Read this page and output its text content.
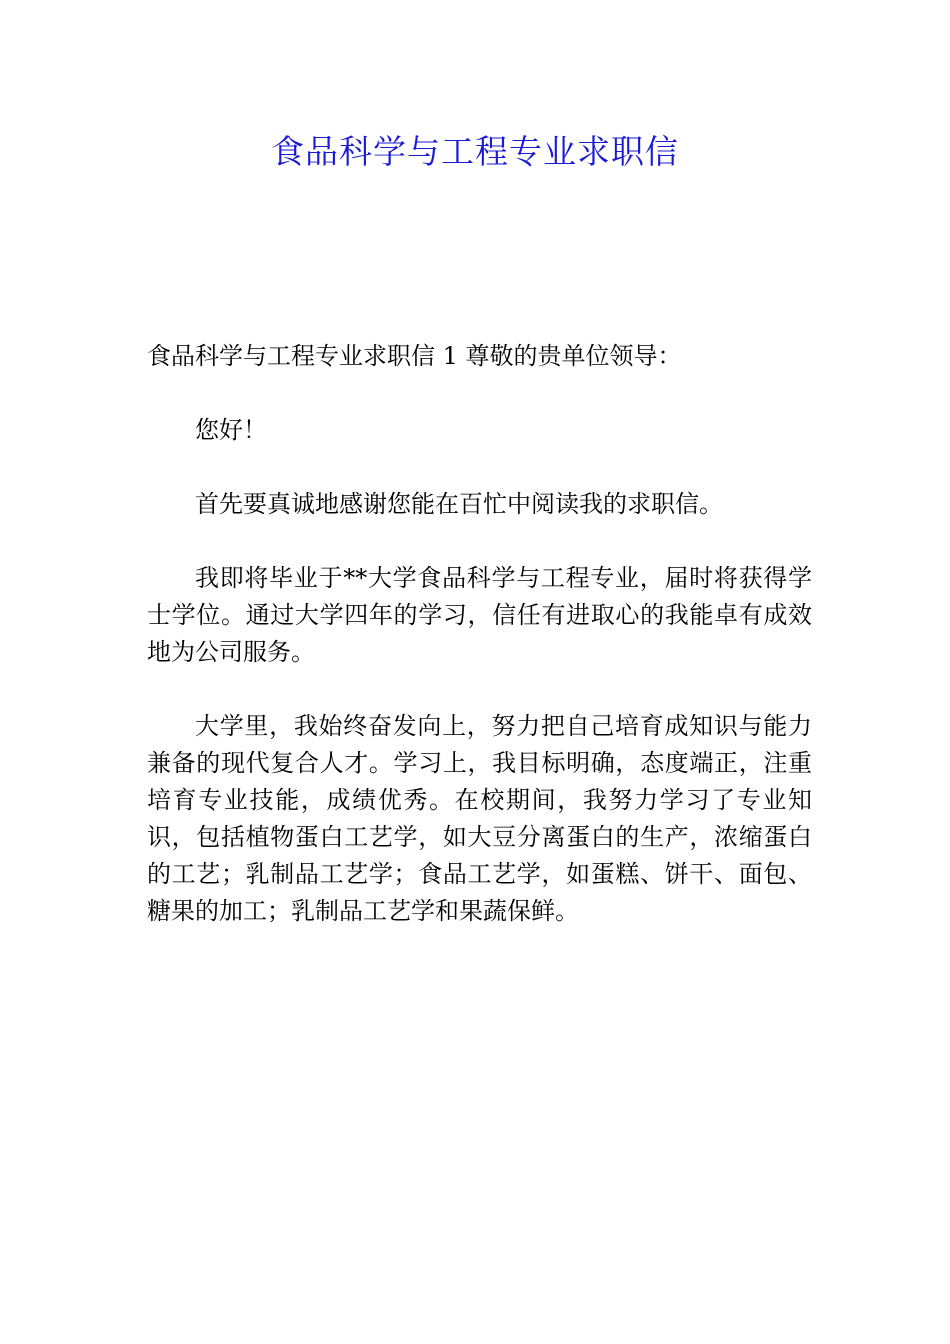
食品科学与工程专业求职信

食品科学与工程专业求职信 1 尊敬的贵单位领导：

您好！

首先要真诚地感谢您能在百忙中阅读我的求职信。

我即将毕业于**大学食品科学与工程专业，届时将获得学士学位。通过大学四年的学习，信任有进取心的我能卓有成效地为公司服务。

大学里，我始终奋发向上，努力把自己培育成知识与能力兼备的现代复合人才。学习上，我目标明确，态度端正，注重培育专业技能，成绩优秀。在校期间，我努力学习了专业知识，包括植物蛋白工艺学，如大豆分离蛋白的生产，浓缩蛋白的工艺；乳制品工艺学；食品工艺学，如蛋糕、饼干、面包、糖果的加工；乳制品工艺学和果蔬保鲜。
